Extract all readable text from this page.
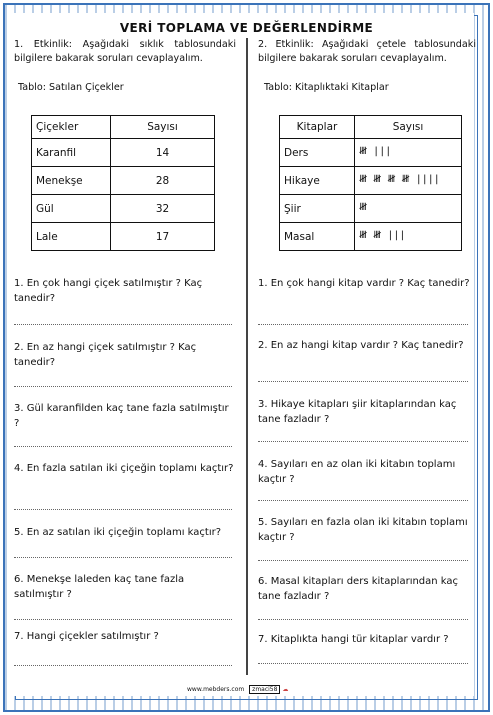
VERİ TOPLAMA VE DEĞERLENDİRME
1. Etkinlik: Aşağıdaki sıklık tablosundaki bilgilere bakarak soruları cevaplayalım.
Tablo: Satılan Çiçekler
Çiçekler	Sayısı
Karanfil	14
Menekşe	28
Gül	32
Lale	17
1. En çok hangi çiçek satılmıştır ? Kaç tanedir?
2. En az hangi çiçek satılmıştır ? Kaç tanedir?
3. Gül karanfilden kaç tane fazla satılmıştır ?
4. En fazla satılan iki çiçeğin toplamı kaçtır?
5. En az satılan iki çiçeğin toplamı kaçtır?
6. Menekşe laleden kaç tane fazla satılmıştır ?
7. Hangi çiçekler satılmıştır ?
2. Etkinlik: Aşağıdaki çetele tablosundaki bilgilere bakarak soruları cevaplayalım.
Tablo: Kitaplıktaki Kitaplar
Kitaplar	Sayısı
Ders	𝍸 |||
Hikaye	𝍸 𝍸 𝍸 𝍸 ||||
Şiir	𝍸
Masal	𝍸 𝍸 |||
1. En çok hangi kitap vardır ? Kaç tanedir?
2. En az hangi kitap vardır ? Kaç tanedir?
3. Hikaye kitapları şiir kitaplarından kaç tane fazladır ?
4. Sayıları en az olan iki kitabın toplamı kaçtır ?
5. Sayıları en fazla olan iki kitabın toplamı kaçtır ?
6. Masal kitapları ders kitaplarından kaç tane fazladır ?
7. Kitaplıkta hangi tür kitaplar vardır ?
www.mebders.com zmaci58 ☁
